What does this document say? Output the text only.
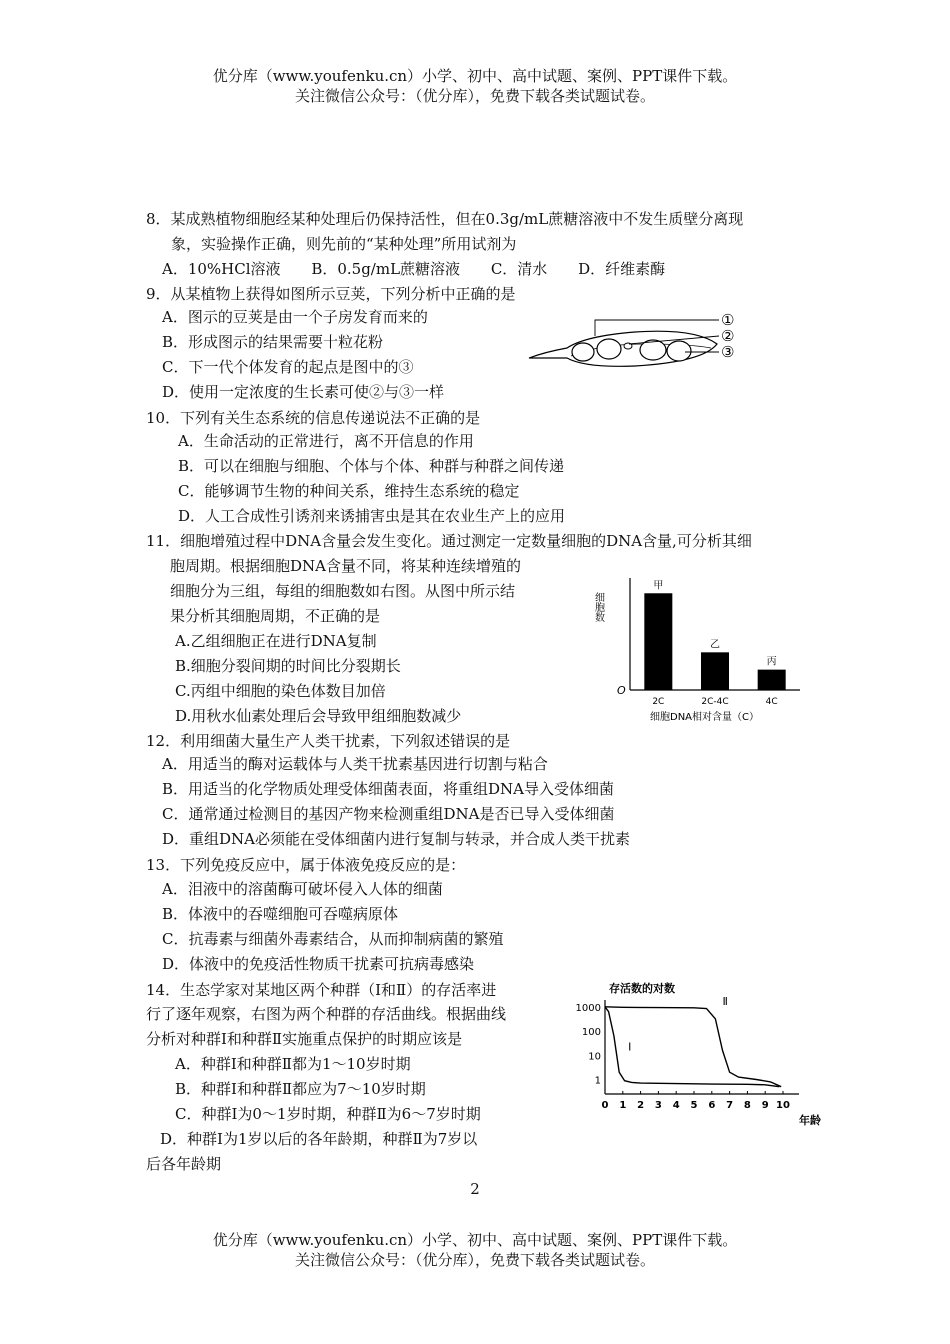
优分库（www.youfenku.cn）小学、初中、高中试题、案例、PPT课件下载。
关注微信公众号：（优分库），免费下载各类试题试卷。
8．某成熟植物细胞经某种处理后仍保持活性，但在0.3g/mL蔗糖溶液中不发生质壁分离现
象，实验操作正确，则先前的“某种处理”所用试剂为
A．10%HCl溶液 B．0.5g/mL蔗糖溶液 C．清水 D．纤维素酶
9．从某植物上获得如图所示豆荚，下列分析中正确的是
A．图示的豆荚是由一个子房发育而来的
B．形成图示的结果需要十粒花粉
C．下一代个体发育的起点是图中的③
D．使用一定浓度的生长素可使②与③一样
①
②
③
10．下列有关生态系统的信息传递说法不正确的是
A．生命活动的正常进行，离不开信息的作用
B．可以在细胞与细胞、个体与个体、种群与种群之间传递
C．能够调节生物的种间关系，维持生态系统的稳定
D．人工合成性引诱剂来诱捕害虫是其在农业生产上的应用
11．细胞增殖过程中DNA含量会发生变化。通过测定一定数量细胞的DNA含量,可分析其细
胞周期。根据细胞DNA含量不同，将某种连续增殖的
细胞分为三组，每组的细胞数如右图。从图中所示结
果分析其细胞周期，不正确的是
A.乙组细胞正在进行DNA复制
B.细胞分裂间期的时间比分裂期长
C.丙组中细胞的染色体数目加倍
D.用秋水仙素处理后会导致甲组细胞数减少
细胞数
O
细胞DNA相对含量（C）
甲
2C
乙
2C-4C
丙
4C
12．利用细菌大量生产人类干扰素，下列叙述错误的是
A．用适当的酶对运载体与人类干扰素基因进行切割与粘合
B．用适当的化学物质处理受体细菌表面，将重组DNA导入受体细菌
C．通常通过检测目的基因产物来检测重组DNA是否已导入受体细菌
D．重组DNA必须能在受体细菌内进行复制与转录，并合成人类干扰素
13．下列免疫反应中，属于体液免疫反应的是：
A．泪液中的溶菌酶可破坏侵入人体的细菌
B．体液中的吞噬细胞可吞噬病原体
C．抗毒素与细菌外毒素结合，从而抑制病菌的繁殖
D．体液中的免疫活性物质干扰素可抗病毒感染
14．生态学家对某地区两个种群（Ⅰ和Ⅱ）的存活率进
行了逐年观察，右图为两个种群的存活曲线。根据曲线
分析对种群Ⅰ和种群Ⅱ实施重点保护的时期应该是
A．种群Ⅰ和种群Ⅱ都为1～10岁时期
B．种群Ⅰ和种群Ⅱ都应为7～10岁时期
C．种群Ⅰ为0～1岁时期，种群Ⅱ为6～7岁时期
D．种群Ⅰ为1岁以后的各年龄期，种群Ⅱ为7岁以
后各年龄期
存活数的对数
年龄
1000
100
10
1
0 1 2 3 4 5 6 7 8 9 10
Ⅰ
Ⅱ
2
优分库（www.youfenku.cn）小学、初中、高中试题、案例、PPT课件下载。
关注微信公众号：（优分库），免费下载各类试题试卷。
